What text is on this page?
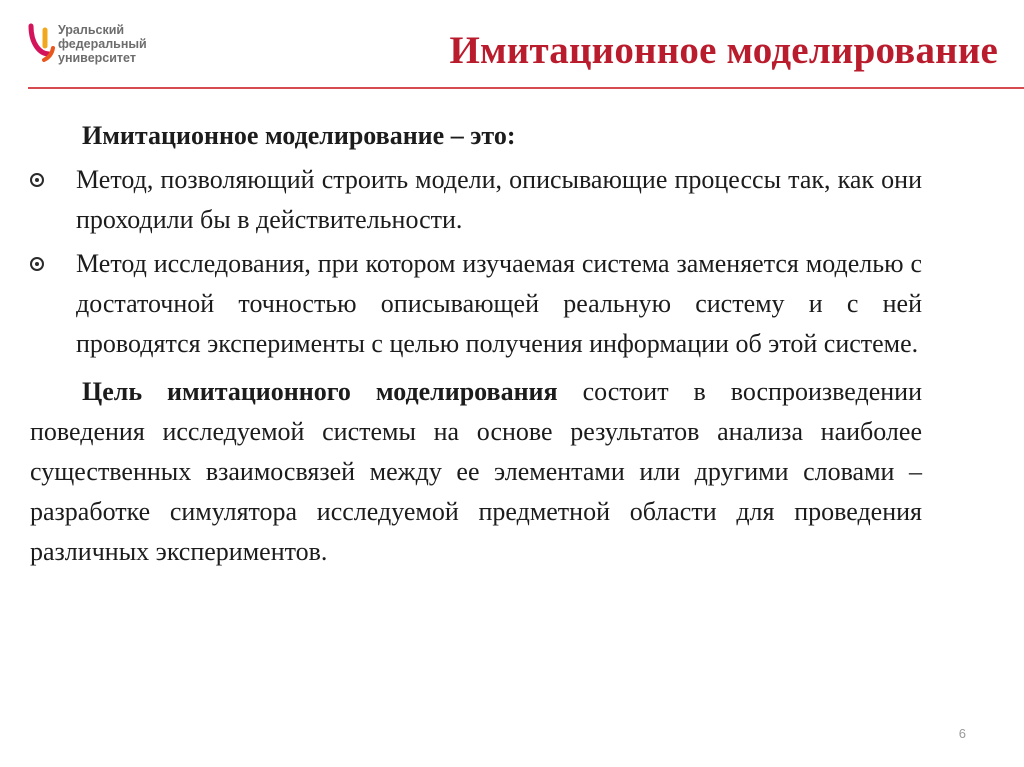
Уральский
федеральный
университет	Имитационное моделирование
Имитационное моделирование – это:
Метод, позволяющий строить модели, описывающие процессы так, как они проходили бы в действительности.
Метод исследования, при котором изучаемая система заменяется моделью с достаточной точностью описывающей реальную систему и с ней проводятся эксперименты с целью получения информации об этой системе.
Цель имитационного моделирования состоит в воспроизведении поведения исследуемой системы на основе результатов анализа наиболее существенных взаимосвязей между ее элементами или другими словами – разработке симулятора исследуемой предметной области для проведения различных экспериментов.
6
